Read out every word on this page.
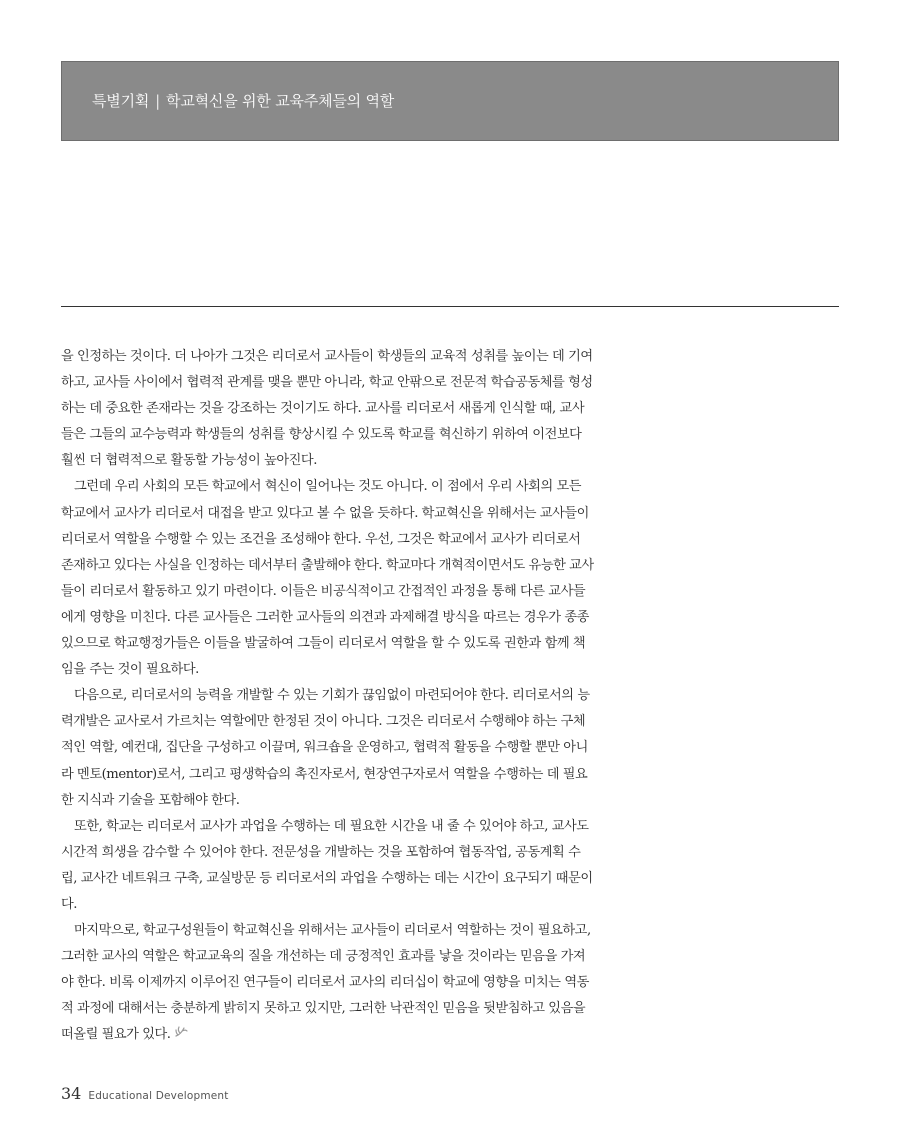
특별기획 | 학교혁신을 위한 교육주체들의 역할

을 인정하는 것이다. 더 나아가 그것은 리더로서 교사들이 학생들의 교육적 성취를 높이는 데 기여하고, 교사들 사이에서 협력적 관계를 맺을 뿐만 아니라, 학교 안팎으로 전문적 학습공동체를 형성하는 데 중요한 존재라는 것을 강조하는 것이기도 하다. 교사를 리더로서 새롭게 인식할 때, 교사들은 그들의 교수능력과 학생들의 성취를 향상시킬 수 있도록 학교를 혁신하기 위하여 이전보다 훨씬 더 협력적으로 활동할 가능성이 높아진다.

그런데 우리 사회의 모든 학교에서 혁신이 일어나는 것도 아니다. 이 점에서 우리 사회의 모든 학교에서 교사가 리더로서 대접을 받고 있다고 볼 수 없을 듯하다. 학교혁신을 위해서는 교사들이 리더로서 역할을 수행할 수 있는 조건을 조성해야 한다. 우선, 그것은 학교에서 교사가 리더로서 존재하고 있다는 사실을 인정하는 데서부터 출발해야 한다. 학교마다 개혁적이면서도 유능한 교사들이 리더로서 활동하고 있기 마련이다. 이들은 비공식적이고 간접적인 과정을 통해 다른 교사들에게 영향을 미친다. 다른 교사들은 그러한 교사들의 의견과 과제해결 방식을 따르는 경우가 종종 있으므로 학교행정가들은 이들을 발굴하여 그들이 리더로서 역할을 할 수 있도록 권한과 함께 책임을 주는 것이 필요하다.

다음으로, 리더로서의 능력을 개발할 수 있는 기회가 끊임없이 마련되어야 한다. 리더로서의 능력개발은 교사로서 가르치는 역할에만 한정된 것이 아니다. 그것은 리더로서 수행해야 하는 구체적인 역할, 예컨대, 집단을 구성하고 이끌며, 워크숍을 운영하고, 협력적 활동을 수행할 뿐만 아니라 멘토(mentor)로서, 그리고 평생학습의 촉진자로서, 현장연구자로서 역할을 수행하는 데 필요한 지식과 기술을 포함해야 한다.

또한, 학교는 리더로서 교사가 과업을 수행하는 데 필요한 시간을 내 줄 수 있어야 하고, 교사도 시간적 희생을 감수할 수 있어야 한다. 전문성을 개발하는 것을 포함하여 협동작업, 공동계획 수립, 교사간 네트워크 구축, 교실방문 등 리더로서의 과업을 수행하는 데는 시간이 요구되기 때문이다.

마지막으로, 학교구성원들이 학교혁신을 위해서는 교사들이 리더로서 역할하는 것이 필요하고, 그러한 교사의 역할은 학교교육의 질을 개선하는 데 긍정적인 효과를 낳을 것이라는 믿음을 가져야 한다. 비록 이제까지 이루어진 연구들이 리더로서 교사의 리더십이 학교에 영향을 미치는 역동적 과정에 대해서는 충분하게 밝히지 못하고 있지만, 그러한 낙관적인 믿음을 뒷받침하고 있음을 떠올릴 필요가 있다.

34 Educational Development
